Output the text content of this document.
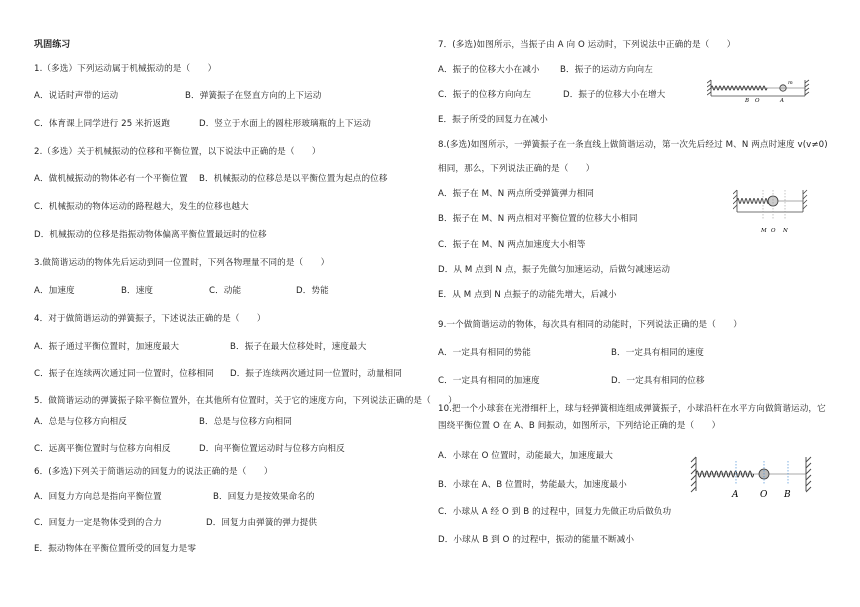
巩固练习
1.（多选）下列运动属于机械振动的是（　　）
A．说话时声带的运动	B．弹簧振子在竖直方向的上下运动
C．体育课上同学进行 25 米折返跑	D．竖立于水面上的圆柱形玻璃瓶的上下运动
2.（多选）关于机械振动的位移和平衡位置，以下说法中正确的是（　　）
A．做机械振动的物体必有一个平衡位置 B．机械振动的位移总是以平衡位置为起点的位移
C．机械振动的物体运动的路程越大，发生的位移也越大
D．机械振动的位移是指振动物体偏离平衡位置最远时的位移
3.做简谐运动的物体先后运动到同一位置时，下列各物理量不同的是（　　）
A．加速度	B．速度	C．动能	D．势能
4．对于做简谐运动的弹簧振子，下述说法正确的是（　　）
A．振子通过平衡位置时，加速度最大	B．振子在最大位移处时，速度最大
C．振子在连续两次通过同一位置时，位移相同 D．振子连续两次通过同一位置时，动量相同
5．做简谐运动的弹簧振子除平衡位置外，在其他所有位置时，关于它的速度方向，下列说法正确的是（　　）
A．总是与位移方向相反	B．总是与位移方向相同
C．远离平衡位置时与位移方向相反	D．向平衡位置运动时与位移方向相反
6．(多选)下列关于简谐运动的回复力的说法正确的是（　　）
A．回复力方向总是指向平衡位置	B．回复力是按效果命名的
C．回复力一定是物体受到的合力	D．回复力由弹簧的弹力提供
E．振动物体在平衡位置所受的回复力是零
7．(多选)如图所示，当振子由 A 向 O 运动时，下列说法中正确的是（　　）
A．振子的位移大小在减小 B．振子的运动方向向左
C．振子的位移方向向左	D．振子的位移大小在增大
E．振子所受的回复力在减小
8.(多选)如图所示，一弹簧振子在一条直线上做简谐运动，第一次先后经过 M、N 两点时速度 v(v≠0)
相同，那么，下列说法正确的是（　　）
A．振子在 M、N 两点所受弹簧弹力相同
B．振子在 M、N 两点相对平衡位置的位移大小相同
C．振子在 M、N 两点加速度大小相等
D．从 M 点到 N 点，振子先做匀加速运动，后做匀减速运动
E．从 M 点到 N 点振子的动能先增大，后减小
9.一个做简谐运动的物体，每次具有相同的动能时，下列说法正确的是（　　）
A．一定具有相同的势能	B．一定具有相同的速度
C．一定具有相同的加速度	D．一定具有相同的位移
10.把一个小球套在光滑细杆上，球与轻弹簧相连组成弹簧振子，小球沿杆在水平方向做简谐运动，它
围绕平衡位置 O 在 A、B 间振动，如图所示，下列结论正确的是（　　）
A．小球在 O 位置时，动能最大，加速度最大
B．小球在 A、B 位置时，势能最大，加速度最小
C．小球从 A 经 O 到 B 的过程中，回复力先做正功后做负功
D．小球从 B 到 O 的过程中，振动的能量不断减小
B O	A
m
M O N
A O B
